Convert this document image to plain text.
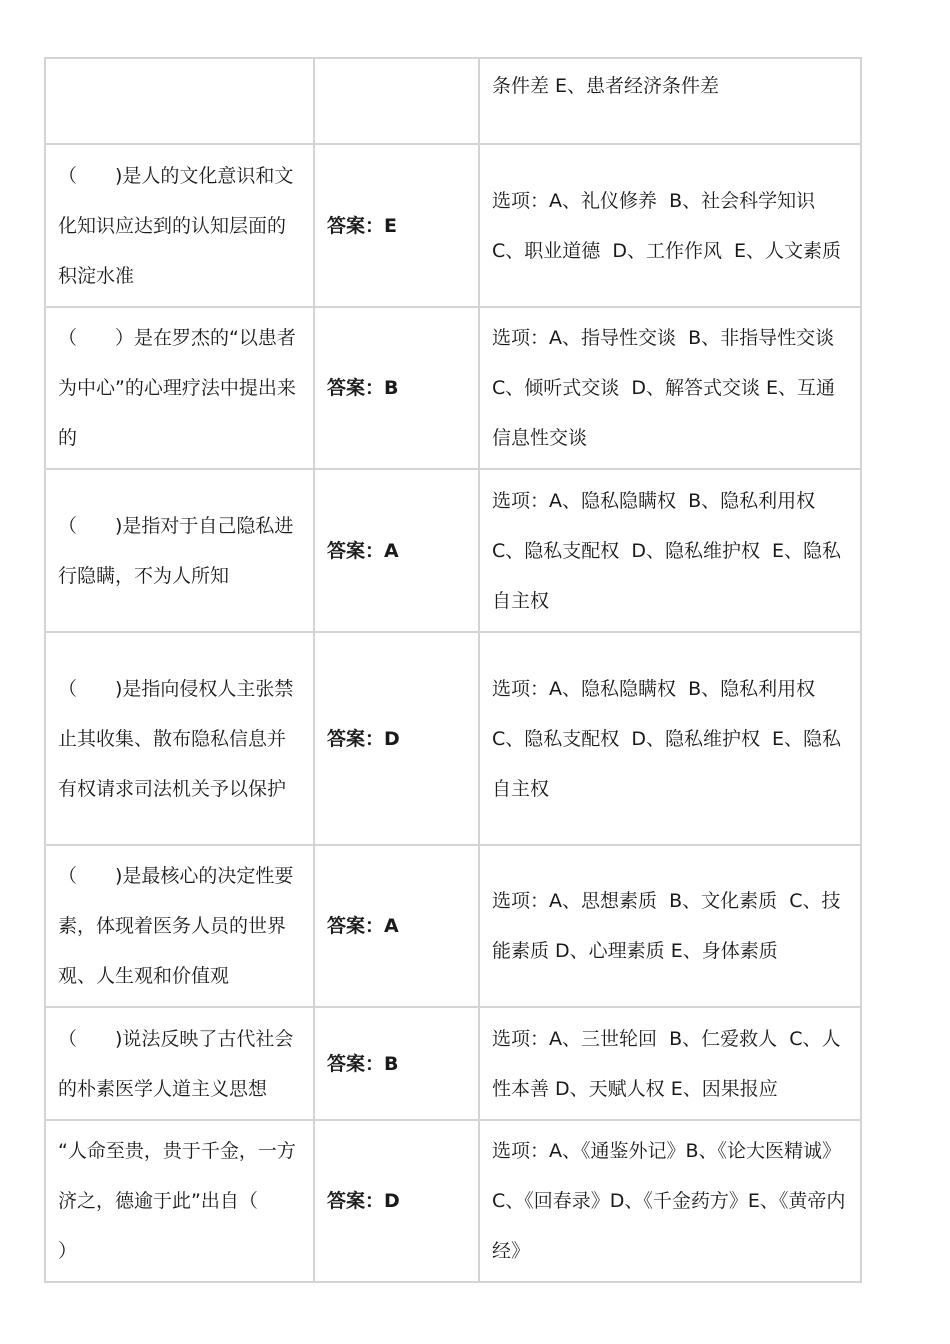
		条件差 E、患者经济条件差

（　　)是人的文化意识和文化知识应达到的认知层面的积淀水准	答案：E	选项：A、礼仪修养  B、社会科学知识  C、职业道德  D、工作作风  E、人文素质

（　　）是在罗杰的“以患者为中心”的心理疗法中提出来的	答案：B	选项：A、指导性交谈  B、非指导性交谈 C、倾听式交谈  D、解答式交谈 E、互通信息性交谈

（　　)是指对于自己隐私进行隐瞒，不为人所知	答案：A	选项：A、隐私隐瞒权  B、隐私利用权  C、隐私支配权  D、隐私维护权  E、隐私自主权

（　　)是指向侵权人主张禁止其收集、散布隐私信息并有权请求司法机关予以保护	答案：D	选项：A、隐私隐瞒权  B、隐私利用权  C、隐私支配权  D、隐私维护权  E、隐私自主权

（　　)是最核心的决定性要素，体现着医务人员的世界观、人生观和价值观	答案：A	选项：A、思想素质  B、文化素质  C、技能素质 D、心理素质 E、身体素质

（　　)说法反映了古代社会的朴素医学人道主义思想	答案：B	选项：A、三世轮回  B、仁爱救人  C、人性本善 D、天赋人权 E、因果报应

“人命至贵，贵于千金，一方济之，德逾于此”出自（　　）	答案：D	选项：A、《通鉴外记》B、《论大医精诚》C、《回春录》D、《千金药方》E、《黄帝内经》
